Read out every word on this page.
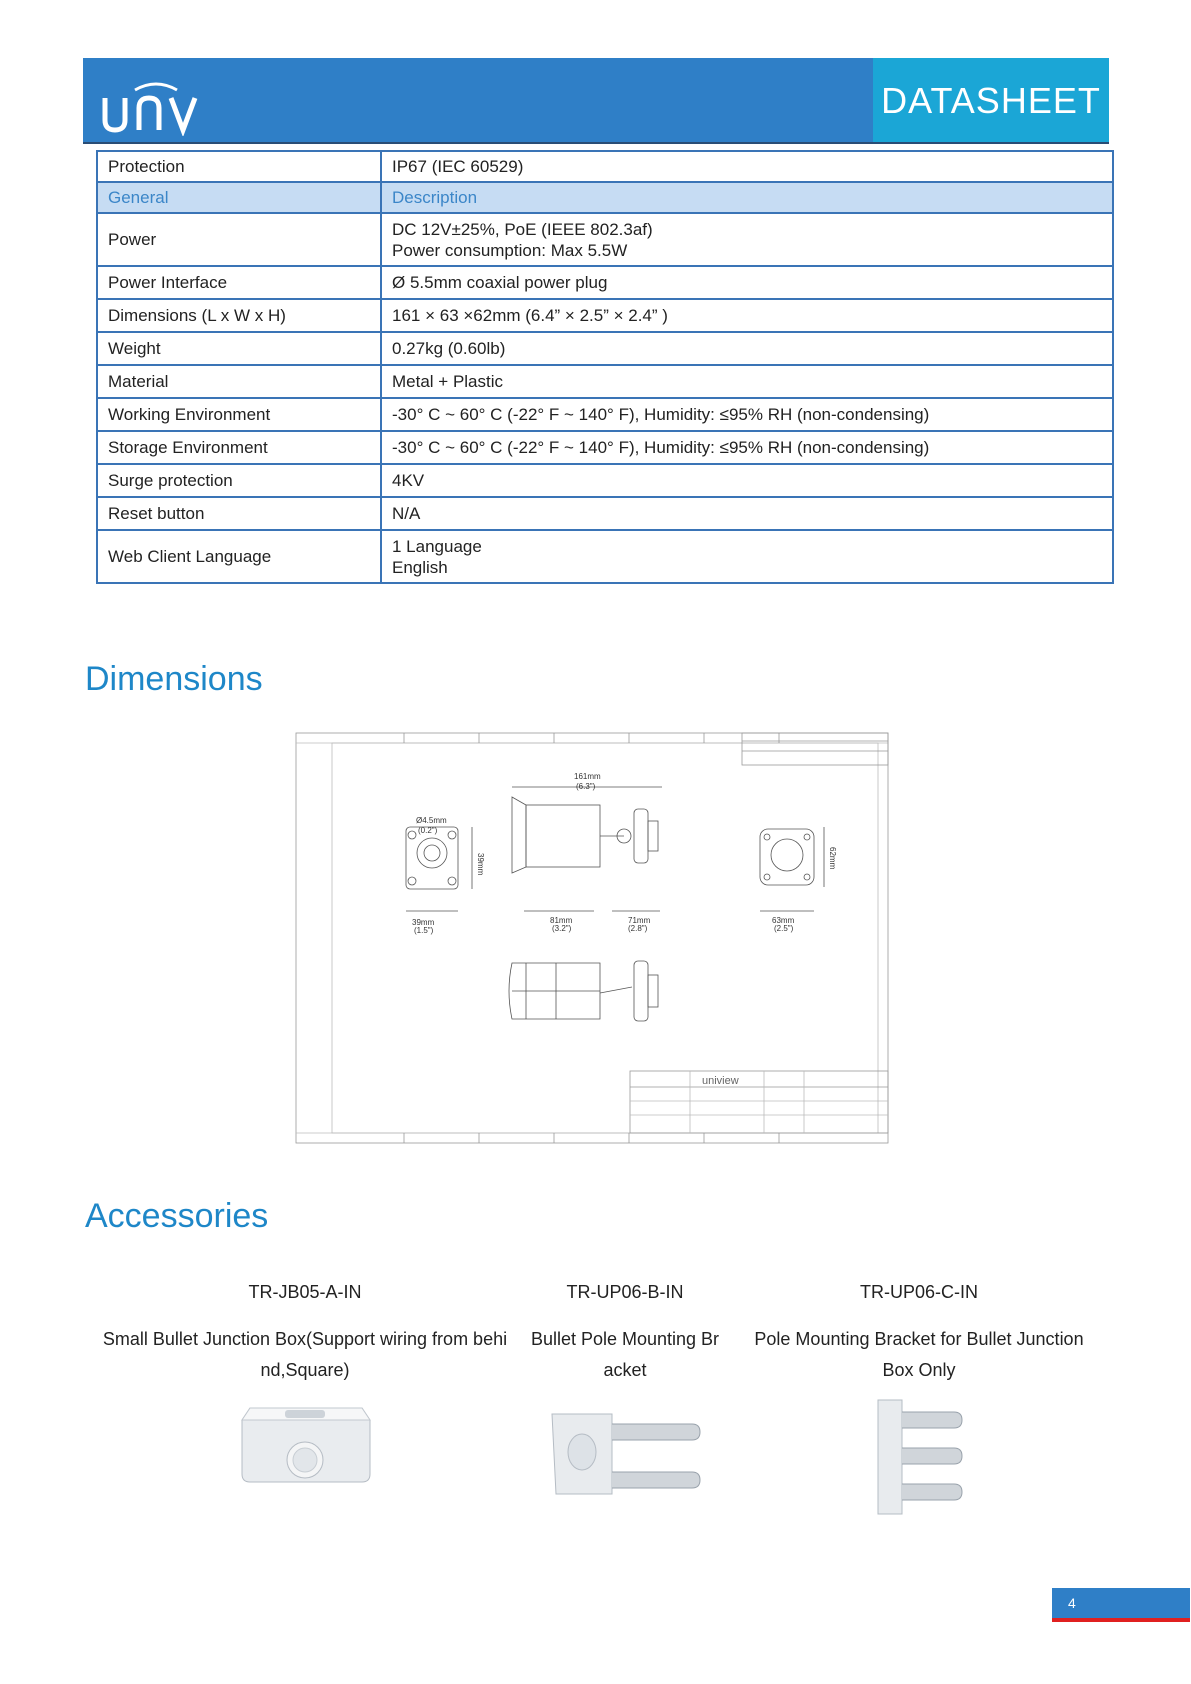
DATASHEET
Protection	IP67 (IEC 60529)

General	Description

Power	DC 12V±25%, PoE (IEEE 802.3af)
Power consumption: Max 5.5W

Power Interface	Ø 5.5mm coaxial power plug

Dimensions (L x W x H)	161 × 63 ×62mm (6.4” × 2.5” × 2.4” )

Weight	0.27kg (0.60lb)

Material	Metal + Plastic

Working Environment	-30° C ~ 60° C (-22° F ~ 140° F), Humidity: ≤95% RH (non-condensing)

Storage Environment	-30° C ~ 60° C (-22° F ~ 140° F), Humidity: ≤95% RH (non-condensing)

Surge protection	4KV

Reset button	N/A

Web Client Language	1 Language
English
Dimensions
Ø4.5mm
(0.2")
39mm
39mm
(1.5")
161mm
(6.3")
81mm
(3.2")
71mm
(2.8")
62mm
63mm
(2.5")
uniview
Accessories
TR-JB05-A-IN
Small Bullet Junction Box(Support wiring from behi
nd,Square)
TR-UP06-B-IN
Bullet Pole Mounting Br
acket
TR-UP06-C-IN
Pole Mounting Bracket for Bullet Junction
Box Only
4
